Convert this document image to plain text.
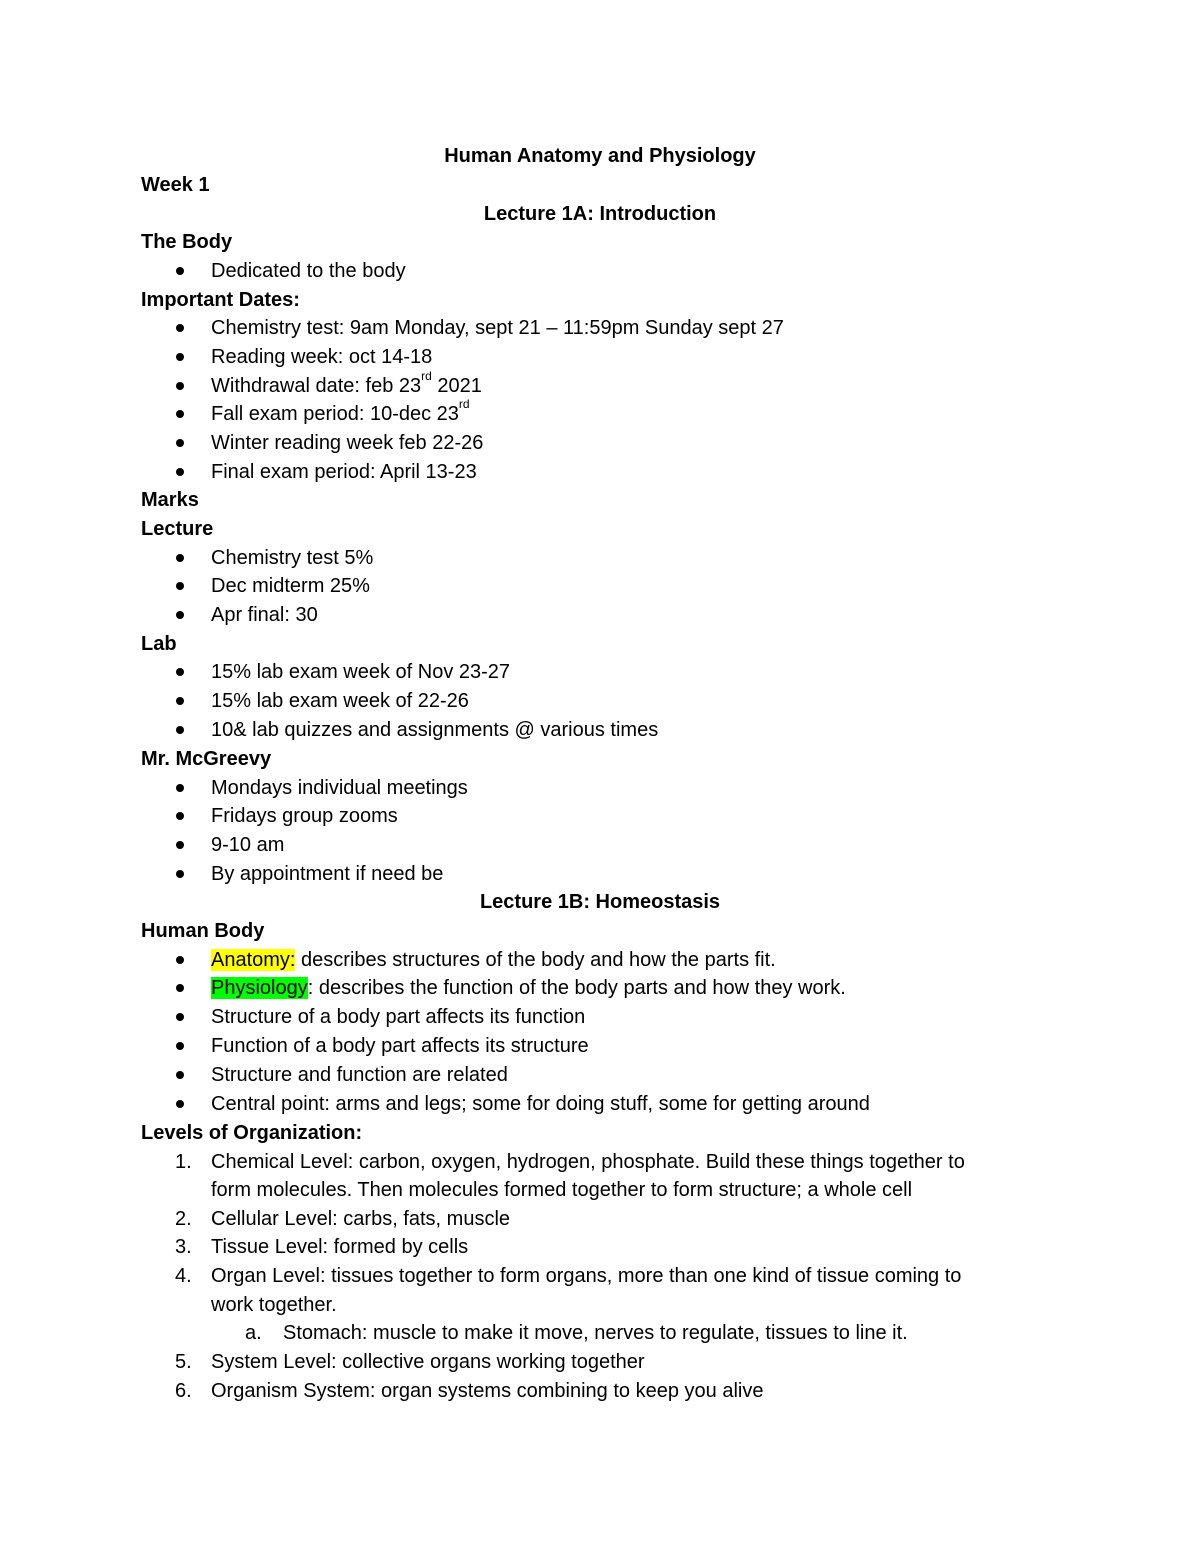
Human Anatomy and Physiology
Week 1
Lecture 1A: Introduction
The Body
Dedicated to the body
Important Dates:
Chemistry test: 9am Monday, sept 21 – 11:59pm Sunday sept 27
Reading week: oct 14-18
Withdrawal date: feb 23rd 2021
Fall exam period: 10-dec 23rd
Winter reading week feb 22-26
Final exam period: April 13-23
Marks
Lecture
Chemistry test 5%
Dec midterm 25%
Apr final: 30
Lab
15% lab exam week of Nov 23-27
15% lab exam week of 22-26
10& lab quizzes and assignments @ various times
Mr. McGreevy
Mondays individual meetings
Fridays group zooms
9-10 am
By appointment if need be
Lecture 1B: Homeostasis
Human Body
Anatomy: describes structures of the body and how the parts fit.
Physiology: describes the function of the body parts and how they work.
Structure of a body part affects its function
Function of a body part affects its structure
Structure and function are related
Central point: arms and legs; some for doing stuff, some for getting around
Levels of Organization:
1. Chemical Level: carbon, oxygen, hydrogen, phosphate. Build these things together to
form molecules. Then molecules formed together to form structure; a whole cell
2. Cellular Level: carbs, fats, muscle
3. Tissue Level: formed by cells
4. Organ Level: tissues together to form organs, more than one kind of tissue coming to
work together.
a. Stomach: muscle to make it move, nerves to regulate, tissues to line it.
5. System Level: collective organs working together
6. Organism System: organ systems combining to keep you alive
